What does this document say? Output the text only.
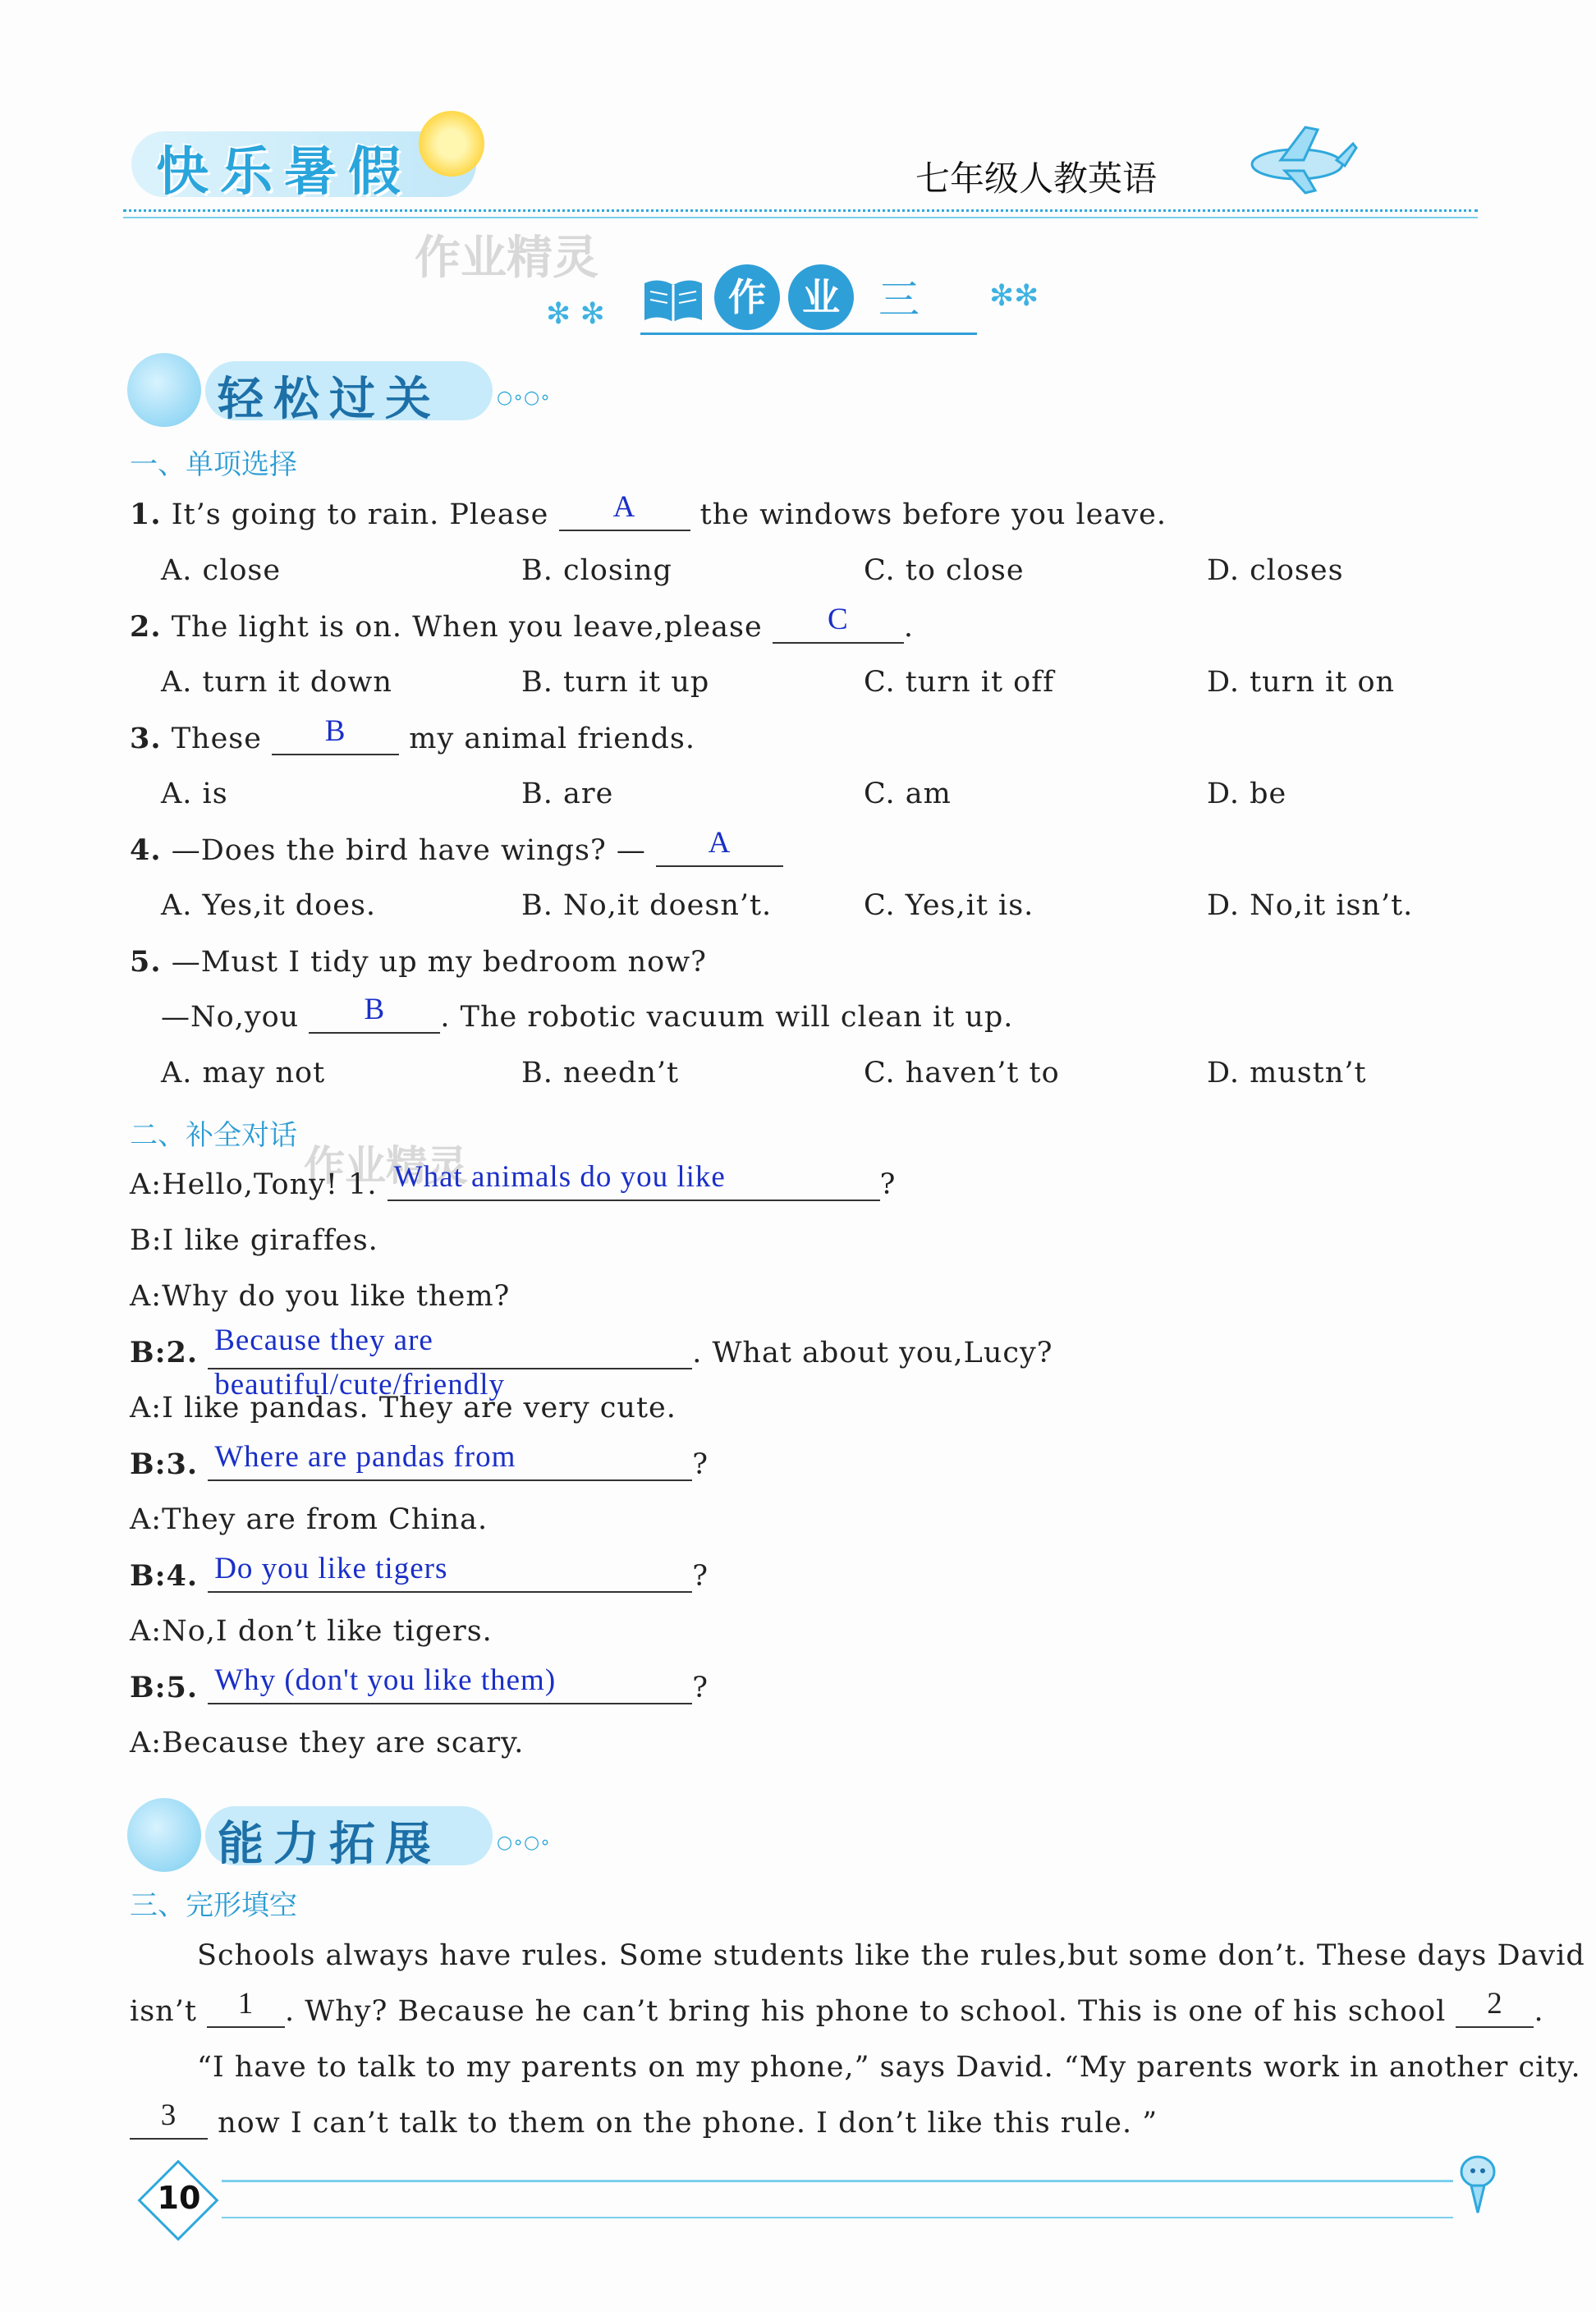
快乐暑假	七年级人教英语
作业精灵
✻ ✻	作 业 三 ✻✻
轻松过关	○∘○∘
一、单项选择
1. It’s going to rain. Please	A	the windows before you leave.
A. close	B. closing	C. to close	D. closes
2. The light is on. When you leave,please	C	.
A. turn it down	B. turn it up	C. turn it off	D. turn it on
3. These	B	my animal friends.
A. is	B. are	C. am	D. be
4. —Does the bird have wings? —	A
A. Yes,it does.	B. No,it doesn’t.	C. Yes,it is.	D. No,it isn’t.
5. —Must I tidy up my bedroom now?
—No,you	B	. The robotic vacuum will clean it up.
A. may not	B. needn’t	C. haven’t to	D. mustn’t
二、补全对话
作业精灵
A:Hello,Tony! 1. What animals do you like	?
B:I like giraffes.
A:Why do you like them?
B:2. Because they are beautiful/cute/friendly
. What about you,Lucy?
A:I like pandas. They are very cute.
B:3. Where are pandas from	?
A:They are from China.
B:4. Do you like tigers	?
A:No,I don’t like tigers.
B:5. Why (don't you like them)	?
A:Because they are scary.
能力拓展	○∘○∘
三、完形填空
Schools always have rules. Some students like the rules,but some don’t. These days David
isn’t	1	. Why? Because he can’t bring his phone to school. This is one of his school	2	.
“I have to talk to my parents on my phone,” says David. “My parents work in another city.
3	now I can’t talk to them on the phone. I don’t like this rule. ”
10
